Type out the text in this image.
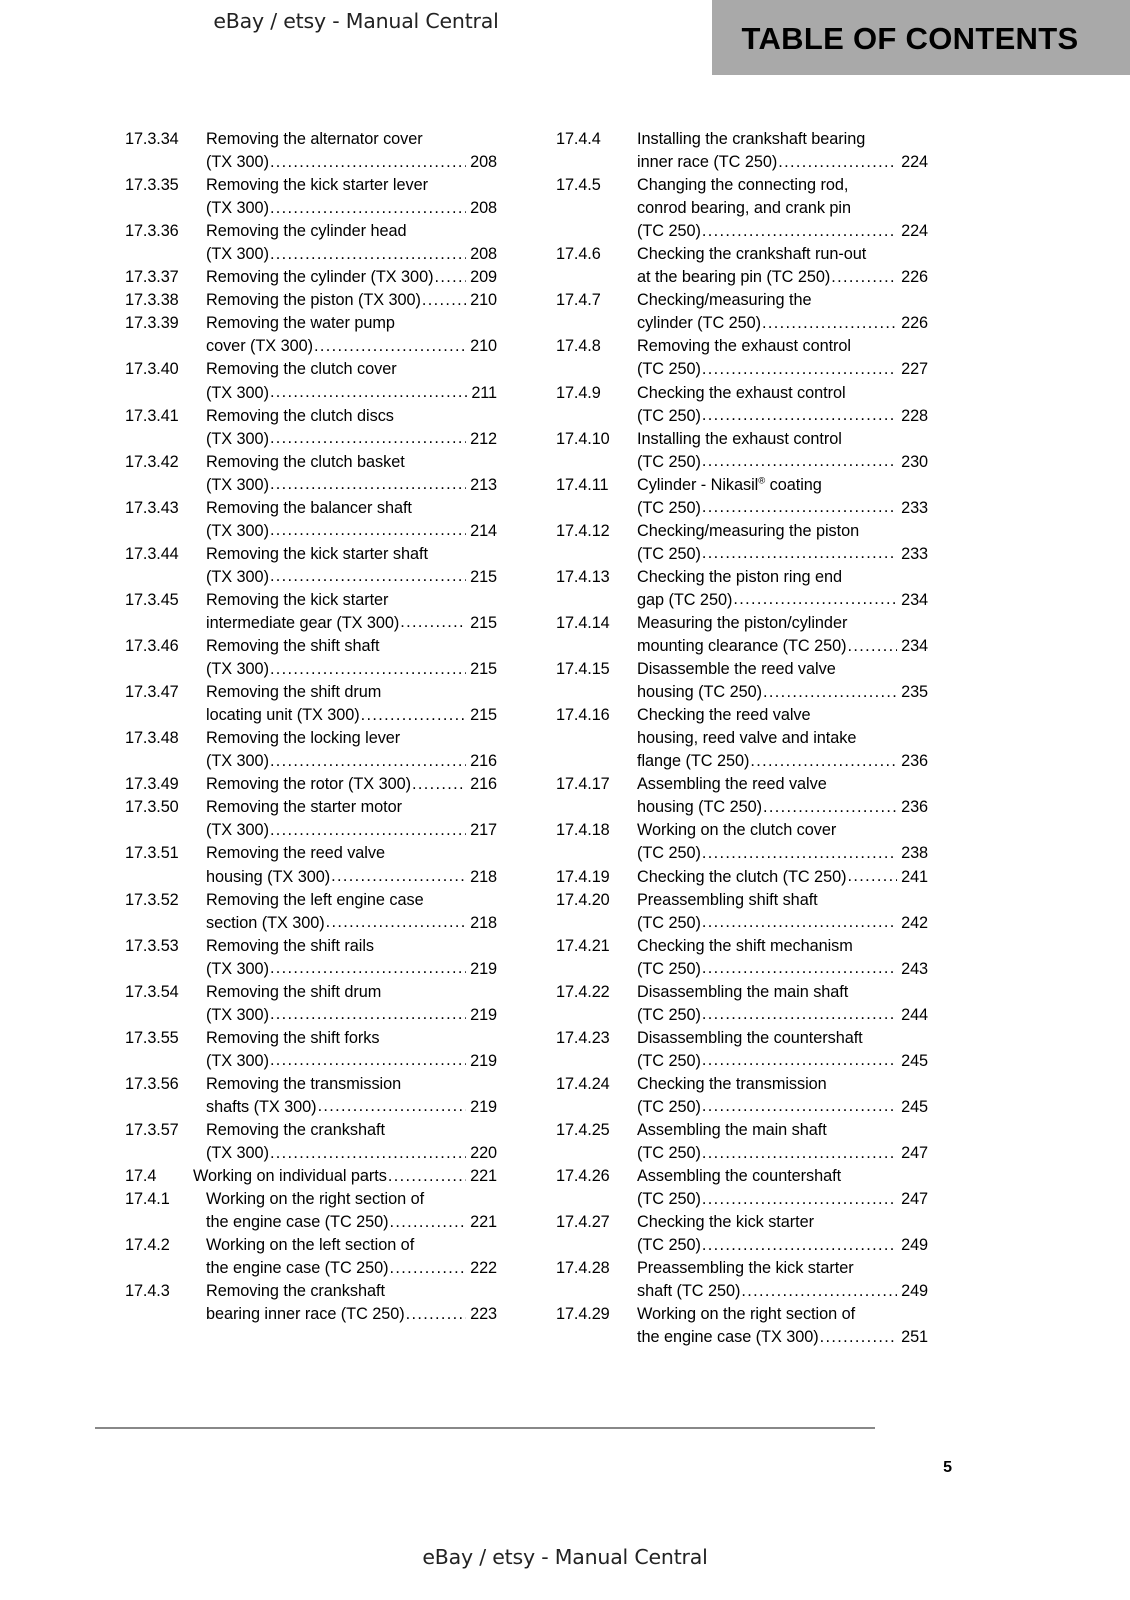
eBay / etsy - Manual Central	TABLE OF CONTENTS
17.3.34	Removing the alternator cover
(TX 300) .....	208
17.3.35	Removing the kick starter lever
(TX 300) .....	208
17.3.36	Removing the cylinder head
(TX 300) .....	208
17.3.37	Removing the cylinder (TX 300) ..... 209
17.3.38	Removing the piston (TX 300) .....	210
17.3.39	Removing the water pump
cover (TX 300) .....	210
17.3.40	Removing the clutch cover
(TX 300) .....	211
17.3.41	Removing the clutch discs
(TX 300) .....	212
17.3.42	Removing the clutch basket
(TX 300) .....	213
17.3.43	Removing the balancer shaft
(TX 300) .....	214
17.3.44	Removing the kick starter shaft
(TX 300) .....	215
17.3.45	Removing the kick starter
intermediate gear (TX 300) .....	215
17.3.46	Removing the shift shaft
(TX 300) .....	215
17.3.47	Removing the shift drum
locating unit (TX 300) .....	215
17.3.48	Removing the locking lever
(TX 300) .....	216
17.3.49	Removing the rotor (TX 300) .....	216
17.3.50	Removing the starter motor
(TX 300) .....	217
17.3.51	Removing the reed valve
housing (TX 300) .....	218
17.3.52	Removing the left engine case
section (TX 300) .....	218
17.3.53	Removing the shift rails
(TX 300) .....	219
17.3.54	Removing the shift drum
(TX 300) .....	219
17.3.55	Removing the shift forks
(TX 300) .....	219
17.3.56	Removing the transmission
shafts (TX 300) .....	219
17.3.57	Removing the crankshaft
(TX 300) .....	220
17.4	Working on individual parts .....	221
17.4.1	Working on the right section of
the engine case (TC 250) .....	221
17.4.2	Working on the left section of
the engine case (TC 250) .....	222
17.4.3	Removing the crankshaft
bearing inner race (TC 250) .....	223
17.4.4	Installing the crankshaft bearing
inner race (TC 250) .....	224
17.4.5	Changing the connecting rod,
conrod bearing, and crank pin
(TC 250) .....	224
17.4.6	Checking the crankshaft run-out
at the bearing pin (TC 250) .....	226
17.4.7	Checking/measuring the
cylinder (TC 250) .....	226
17.4.8	Removing the exhaust control
(TC 250) .....	227
17.4.9	Checking the exhaust control
(TC 250) .....	228
17.4.10	Installing the exhaust control
(TC 250) .....	230
17.4.11	Cylinder - Nikasil® coating
(TC 250) .....	233
17.4.12	Checking/measuring the piston
(TC 250) .....	233
17.4.13	Checking the piston ring end
gap (TC 250) .....	234
17.4.14	Measuring the piston/cylinder
mounting clearance (TC 250) .....	234
17.4.15	Disassemble the reed valve
housing (TC 250) .....	235
17.4.16	Checking the reed valve
housing, reed valve and intake
flange (TC 250) .....	236
17.4.17	Assembling the reed valve
housing (TC 250) .....	236
17.4.18	Working on the clutch cover
(TC 250) .....	238
17.4.19	Checking the clutch (TC 250) .....	241
17.4.20	Preassembling shift shaft
(TC 250) .....	242
17.4.21	Checking the shift mechanism
(TC 250) .....	243
17.4.22	Disassembling the main shaft
(TC 250) .....	244
17.4.23	Disassembling the countershaft
(TC 250) .....	245
17.4.24	Checking the transmission
(TC 250) .....	245
17.4.25	Assembling the main shaft
(TC 250) .....	247
17.4.26	Assembling the countershaft
(TC 250) .....	247
17.4.27	Checking the kick starter
(TC 250) .....	249
17.4.28	Preassembling the kick starter
shaft (TC 250) .....	249
17.4.29	Working on the right section of
the engine case (TX 300) .....	251
5
eBay / etsy - Manual Central
